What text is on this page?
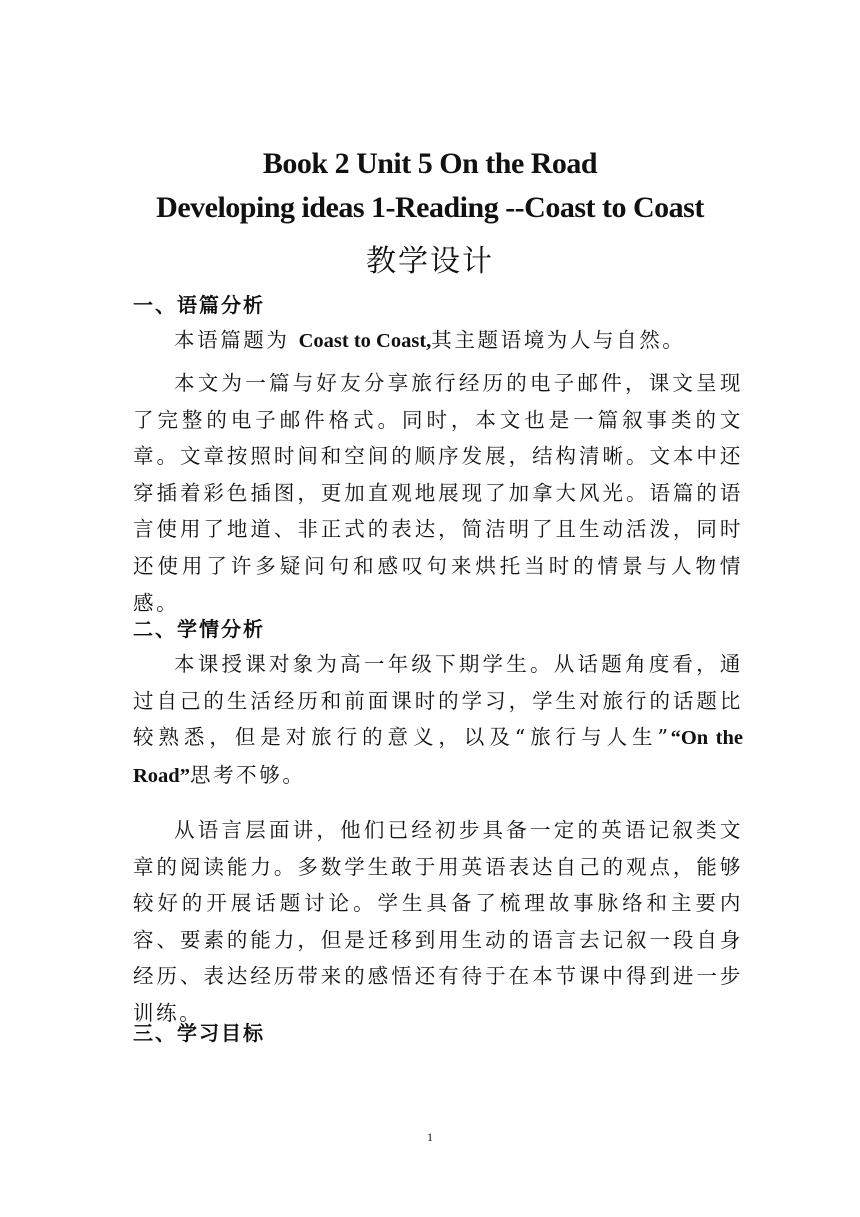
Book 2 Unit 5 On the Road
Developing ideas 1-Reading --Coast to Coast
教学设计
一、语篇分析

本语篇题为 Coast to Coast,其主题语境为人与自然。

本文为一篇与好友分享旅行经历的电子邮件，课文呈现了完整的电子邮件格式。同时，本文也是一篇叙事类的文章。文章按照时间和空间的顺序发展，结构清晰。文本中还穿插着彩色插图，更加直观地展现了加拿大风光。语篇的语言使用了地道、非正式的表达，简洁明了且生动活泼，同时还使用了许多疑问句和感叹句来烘托当时的情景与人物情感。

二、学情分析

本课授课对象为高一年级下期学生。从话题角度看，通过自己的生活经历和前面课时的学习，学生对旅行的话题比较熟悉，但是对旅行的意义，以及“旅行与人生”“On the Road”思考不够。

从语言层面讲，他们已经初步具备一定的英语记叙类文章的阅读能力。多数学生敢于用英语表达自己的观点，能够较好的开展话题讨论。学生具备了梳理故事脉络和主要内容、要素的能力，但是迁移到用生动的语言去记叙一段自身经历、表达经历带来的感悟还有待于在本节课中得到进一步训练。

三、学习目标

1
